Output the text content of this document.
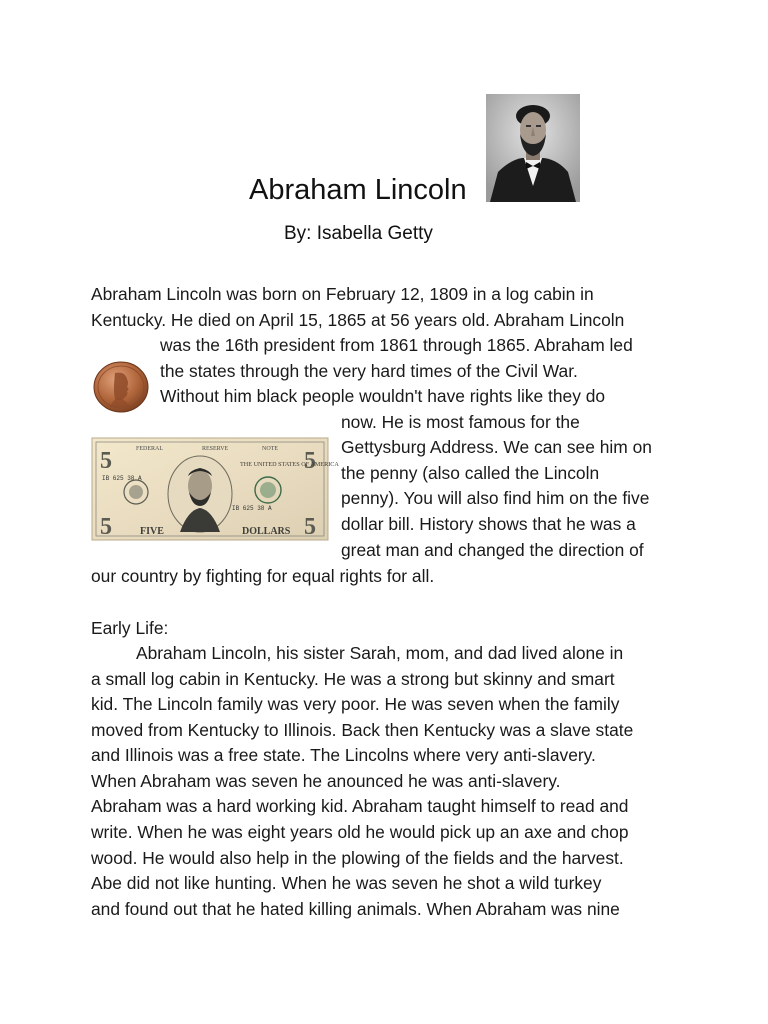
Abraham Lincoln
By: Isabella Getty
FEDERAL	RESERVE	NOTE
5	5
IB 625 38 A
IB 625 38 A
THE UNITED STATES OF AMERICA
FIVE	DOLLARS
5	5
Abraham Lincoln was born on February 12, 1809 in a log cabin in
Kentucky. He died on April 15, 1865 at 56 years old. Abraham Lincoln
was the 16th president from 1861 through 1865. Abraham led
the states through the very hard times of the Civil War.
Without him black people wouldn't have rights like they do
now. He is most famous for the
Gettysburg Address. We can see him on
the penny (also called the Lincoln
penny). You will also find him on the five
dollar bill. History shows that he was a
great man and changed the direction of
our country by fighting for equal rights for all.
Early Life:
Abraham Lincoln, his sister Sarah, mom, and dad lived alone in
a small log cabin in Kentucky. He was a strong but skinny and smart
kid. The Lincoln family was very poor. He was seven when the family
moved from Kentucky to Illinois. Back then Kentucky was a slave state
and Illinois was a free state. The Lincolns where very anti-slavery.
When Abraham was seven he anounced he was anti-slavery.
Abraham was a hard working kid. Abraham taught himself to read and
write. When he was eight years old he would pick up an axe and chop
wood. He would also help in the plowing of the fields and the harvest.
Abe did not like hunting. When he was seven he shot a wild turkey
and found out that he hated killing animals. When Abraham was nine
